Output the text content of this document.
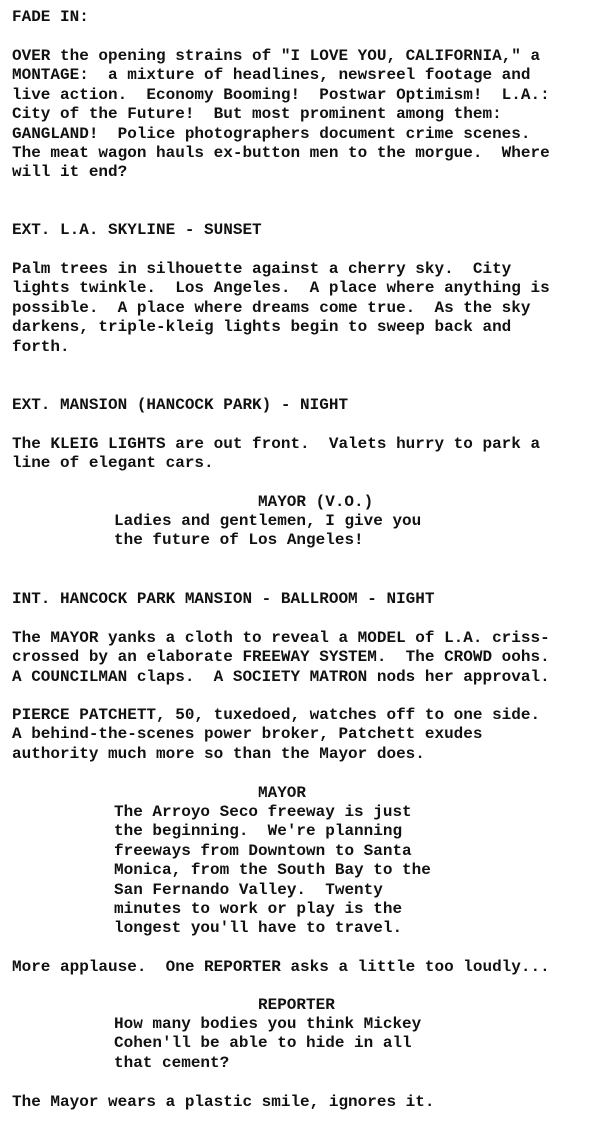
FADE IN:

OVER the opening strains of "I LOVE YOU, CALIFORNIA," a
MONTAGE:  a mixture of headlines, newsreel footage and
live action.  Economy Booming!  Postwar Optimism!  L.A.:
City of the Future!  But most prominent among them:
GANGLAND!  Police photographers document crime scenes.
The meat wagon hauls ex-button men to the morgue.  Where
will it end?

EXT. L.A. SKYLINE - SUNSET

Palm trees in silhouette against a cherry sky.  City
lights twinkle.  Los Angeles.  A place where anything is
possible.  A place where dreams come true.  As the sky
darkens, triple-kleig lights begin to sweep back and
forth.

EXT. MANSION (HANCOCK PARK) - NIGHT

The KLEIG LIGHTS are out front.  Valets hurry to park a
line of elegant cars.

MAYOR (V.O.)

Ladies and gentlemen, I give you
the future of Los Angeles!

INT. HANCOCK PARK MANSION - BALLROOM - NIGHT

The MAYOR yanks a cloth to reveal a MODEL of L.A. criss-
crossed by an elaborate FREEWAY SYSTEM.  The CROWD oohs.
A COUNCILMAN claps.  A SOCIETY MATRON nods her approval.

PIERCE PATCHETT, 50, tuxedoed, watches off to one side.
A behind-the-scenes power broker, Patchett exudes
authority much more so than the Mayor does.

MAYOR

The Arroyo Seco freeway is just
the beginning.  We're planning
freeways from Downtown to Santa
Monica, from the South Bay to the
San Fernando Valley.  Twenty
minutes to work or play is the
longest you'll have to travel.

More applause.  One REPORTER asks a little too loudly...

REPORTER

How many bodies you think Mickey
Cohen'll be able to hide in all
that cement?

The Mayor wears a plastic smile, ignores it.
